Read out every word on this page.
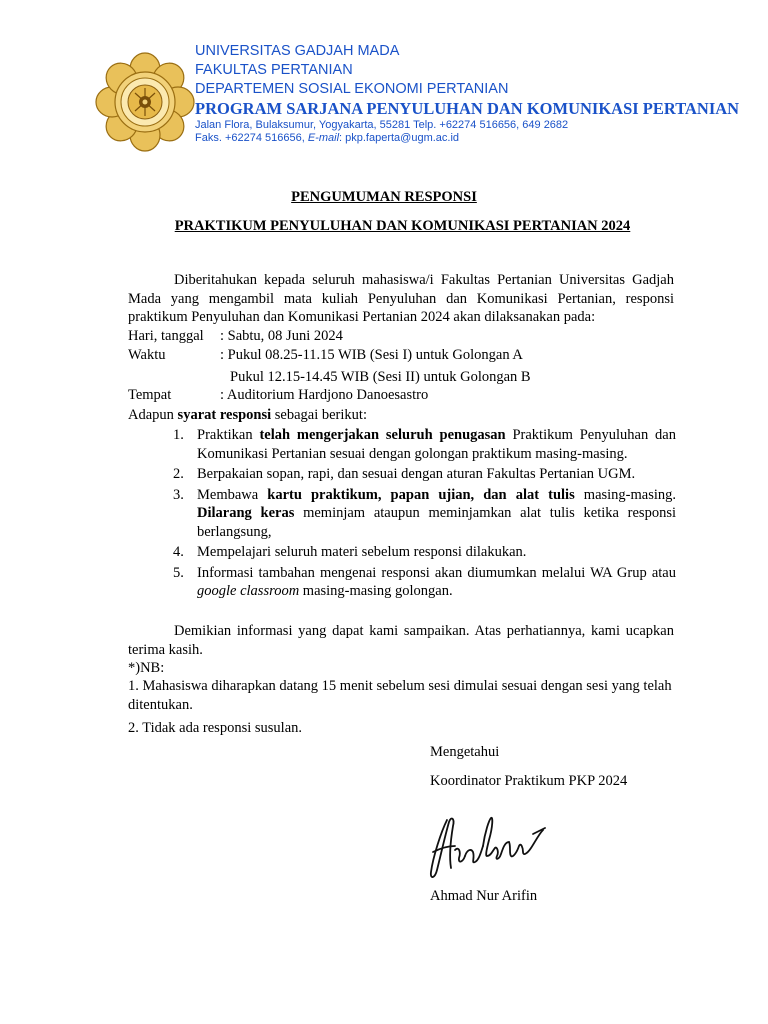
UNIVERSITAS GADJAH MADA
FAKULTAS PERTANIAN
DEPARTEMEN SOSIAL EKONOMI PERTANIAN
PROGRAM SARJANA PENYULUHAN DAN KOMUNIKASI PERTANIAN
Jalan Flora, Bulaksumur, Yogyakarta, 55281 Telp. +62274 516656, 649 2682
Faks. +62274 516656, E-mail: pkp.faperta@ugm.ac.id
PENGUMUMAN RESPONSI
PRAKTIKUM PENYULUHAN DAN KOMUNIKASI PERTANIAN 2024
Diberitahukan kepada seluruh mahasiswa/i Fakultas Pertanian Universitas Gadjah Mada yang mengambil mata kuliah Penyuluhan dan Komunikasi Pertanian, responsi praktikum Penyuluhan dan Komunikasi Pertanian 2024 akan dilaksanakan pada:
Hari, tanggal : Sabtu, 08 Juni 2024
Waktu	: Pukul 08.25-11.15 WIB (Sesi I) untuk Golongan A
Pukul 12.15-14.45 WIB (Sesi II) untuk Golongan B
Tempat	: Auditorium Hardjono Danoesastro
Adapun syarat responsi sebagai berikut:
1. Praktikan telah mengerjakan seluruh penugasan Praktikum Penyuluhan dan Komunikasi Pertanian sesuai dengan golongan praktikum masing-masing.
2. Berpakaian sopan, rapi, dan sesuai dengan aturan Fakultas Pertanian UGM.
3. Membawa kartu praktikum, papan ujian, dan alat tulis masing-masing. Dilarang keras meminjam ataupun meminjamkan alat tulis ketika responsi berlangsung,
4. Mempelajari seluruh materi sebelum responsi dilakukan.
5. Informasi tambahan mengenai responsi akan diumumkan melalui WA Grup atau google classroom masing-masing golongan.
Demikian informasi yang dapat kami sampaikan. Atas perhatiannya, kami ucapkan terima kasih.
*)NB:
1. Mahasiswa diharapkan datang 15 menit sebelum sesi dimulai sesuai dengan sesi yang telah ditentukan.
2. Tidak ada responsi susulan.
Mengetahui
Koordinator Praktikum PKP 2024
Ahmad Nur Arifin
